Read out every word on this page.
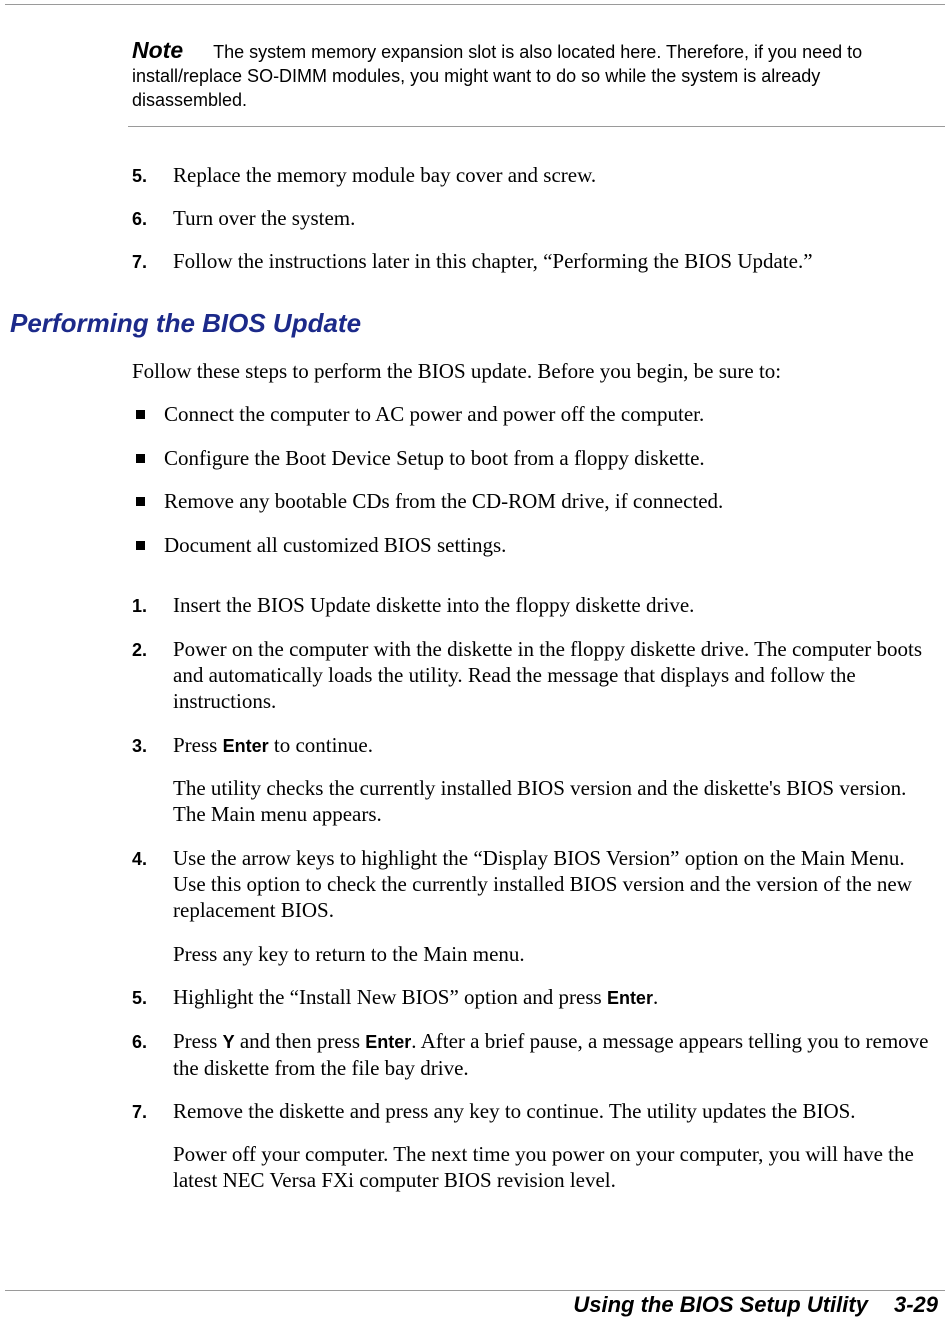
Note The system memory expansion slot is also located here. Therefore, if you need to install/replace SO-DIMM modules, you might want to do so while the system is already disassembled.
5. Replace the memory module bay cover and screw.
6. Turn over the system.
7. Follow the instructions later in this chapter, “Performing the BIOS Update.”
Performing the BIOS Update
Follow these steps to perform the BIOS update. Before you begin, be sure to:
Connect the computer to AC power and power off the computer.
Configure the Boot Device Setup to boot from a floppy diskette.
Remove any bootable CDs from the CD-ROM drive, if connected.
Document all customized BIOS settings.
1. Insert the BIOS Update diskette into the floppy diskette drive.
2. Power on the computer with the diskette in the floppy diskette drive. The computer boots and automatically loads the utility. Read the message that displays and follow the instructions.
3. Press Enter to continue.
The utility checks the currently installed BIOS version and the diskette's BIOS version. The Main menu appears.
4. Use the arrow keys to highlight the “Display BIOS Version” option on the Main Menu. Use this option to check the currently installed BIOS version and the version of the new replacement BIOS.
Press any key to return to the Main menu.
5. Highlight the “Install New BIOS” option and press Enter.
6. Press Y and then press Enter. After a brief pause, a message appears telling you to remove the diskette from the file bay drive.
7. Remove the diskette and press any key to continue. The utility updates the BIOS.
Power off your computer. The next time you power on your computer, you will have the latest NEC Versa FXi computer BIOS revision level.
Using the BIOS Setup Utility 3-29
